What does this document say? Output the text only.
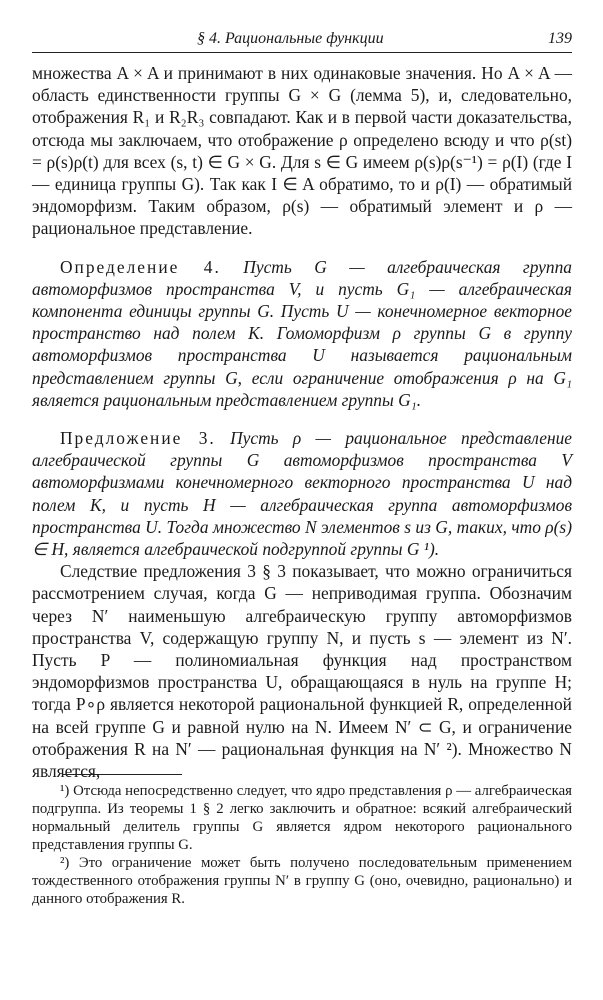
§ 4. Рациональные функции	139

множества A × A и принимают в них одинаковые значения. Но A × A — область единственности группы G × G (лемма 5), и, следовательно, отображения R₁ и R₂R₃ совпадают. Как и в первой части доказательства, отсюда мы заключаем, что отображение ρ определено всюду и что ρ(st) = ρ(s)ρ(t) для всех (s, t) ∈ G × G. Для s ∈ G имеем ρ(s)ρ(s⁻¹) = ρ(I) (где I — единица группы G). Так как I ∈ A обратимо, то и ρ(I) — обратимый эндоморфизм. Таким образом, ρ(s) — обратимый элемент и ρ — рациональное представление.

Определение 4. Пусть G — алгебраическая группа автоморфизмов пространства V, и пусть G₁ — алгебраическая компонента единицы группы G. Пусть U — конечномерное векторное пространство над полем K. Гомоморфизм ρ группы G в группу автоморфизмов пространства U называется рациональным представлением группы G, если ограничение отображения ρ на G₁ является рациональным представлением группы G₁.

Предложение 3. Пусть ρ — рациональное представление алгебраической группы G автоморфизмов пространства V автоморфизмами конечномерного векторного пространства U над полем K, и пусть H — алгебраическая группа автоморфизмов пространства U. Тогда множество N элементов s из G, таких, что ρ(s) ∈ H, является алгебраической подгруппой группы G ¹).

Следствие предложения 3 § 3 показывает, что можно ограничиться рассмотрением случая, когда G — неприводимая группа. Обозначим через N′ наименьшую алгебраическую группу автоморфизмов пространства V, содержащую группу N, и пусть s — элемент из N′. Пусть P — полиномиальная функция над пространством эндоморфизмов пространства U, обращающаяся в нуль на группе H; тогда P∘ρ является некоторой рациональной функцией R, определенной на всей группе G и равной нулю на N. Имеем N′ ⊂ G, и ограничение отображения R на N′ — рациональная функция на N′ ²). Множество N является,

¹) Отсюда непосредственно следует, что ядро представления ρ — алгебраическая подгруппа. Из теоремы 1 § 2 легко заключить и обратное: всякий алгебраический нормальный делитель группы G является ядром некоторого рационального представления группы G.

²) Это ограничение может быть получено последовательным применением тождественного отображения группы N′ в группу G (оно, очевидно, рационально) и данного отображения R.
